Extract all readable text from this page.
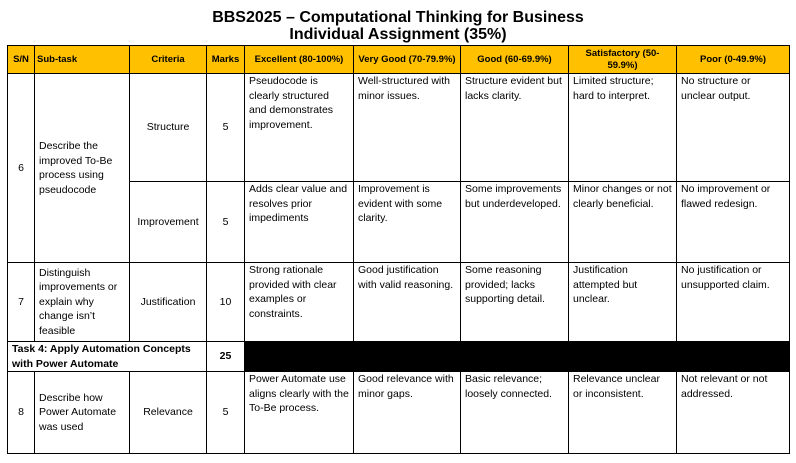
BBS2025 – Computational Thinking for Business
Individual Assignment (35%)
S/N	Sub-task	Criteria	Marks	Excellent (80-100%)	Very Good (70-79.9%)	Good (60-69.9%)	Satisfactory (50-59.9%)	Poor (0-49.9%)
6	Describe the improved To-Be process using pseudocode	Structure	5	Pseudocode is clearly structured and demonstrates improvement.	Well-structured with minor issues.	Structure evident but lacks clarity.	Limited structure; hard to interpret.	No structure or unclear output.
		Improvement	5	Adds clear value and resolves prior impediments	Improvement is evident with some clarity.	Some improvements but underdeveloped.	Minor changes or not clearly beneficial.	No improvement or flawed redesign.
7	Distinguish improvements or explain why change isn’t feasible	Justification	10	Strong rationale provided with clear examples or constraints.	Good justification with valid reasoning.	Some reasoning provided; lacks supporting detail.	Justification attempted but unclear.	No justification or unsupported claim.
Task 4: Apply Automation Concepts with Power Automate			25					
8	Describe how Power Automate was used	Relevance	5	Power Automate use aligns clearly with the To-Be process.	Good relevance with minor gaps.	Basic relevance; loosely connected.	Relevance unclear or inconsistent.	Not relevant or not addressed.
